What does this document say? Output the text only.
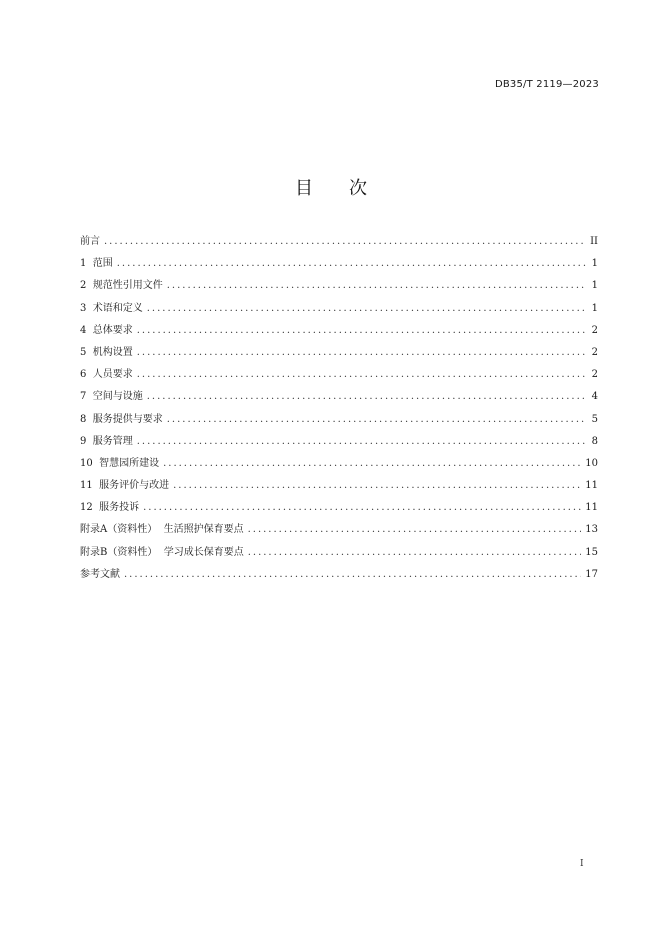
DB35/T 2119—2023
目次
前言 .....	II
1  范围 .....	1
2  规范性引用文件 .....	1
3  术语和定义 .....	1
4  总体要求 .....	2
5  机构设置 .....	2
6  人员要求 .....	2
7  空间与设施 .....	4
8  服务提供与要求 .....	5
9  服务管理 .....	8
10  智慧园所建设 .....	10
11  服务评价与改进 .....	11
12  服务投诉 .....	11
附录A（资料性）  生活照护保育要点 .....	13
附录B（资料性）  学习成长保育要点 .....	15
参考文献 .....	17
I
